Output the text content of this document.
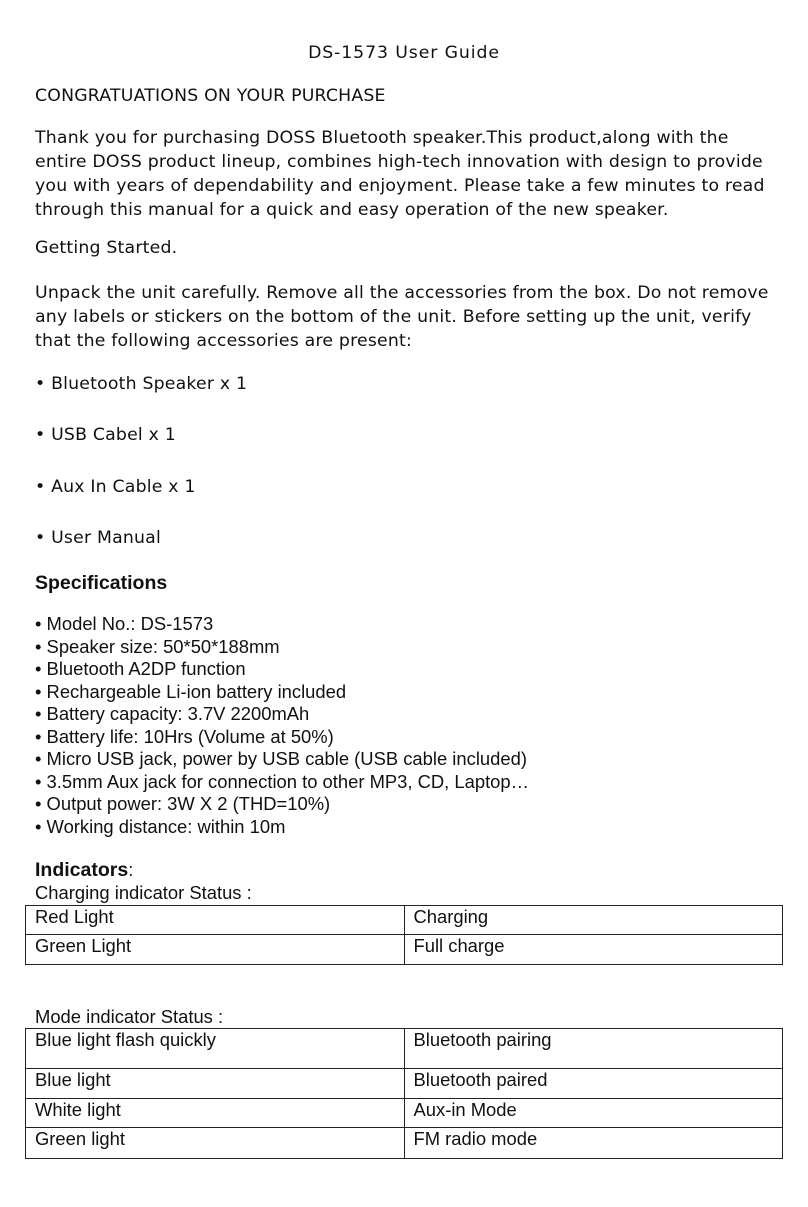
DS-1573 User Guide
CONGRATUATIONS ON YOUR PURCHASE

Thank you for purchasing DOSS Bluetooth speaker.This product,along with the entire DOSS product lineup, combines high-tech innovation with design to provide you with years of dependability and enjoyment. Please take a few minutes to read through this manual for a quick and easy operation of the new speaker.

Getting Started.

Unpack the unit carefully. Remove all the accessories from the box. Do not remove any labels or stickers on the bottom of the unit. Before setting up the unit, verify that the following accessories are present:

• Bluetooth Speaker x 1
• USB Cabel x 1
• Aux In Cable x 1
• User Manual
Specifications
• Model No.: DS-1573
• Speaker size: 50*50*188mm
• Bluetooth A2DP function
• Rechargeable Li-ion battery included
• Battery capacity: 3.7V 2200mAh
• Battery life: 10Hrs (Volume at 50%)
• Micro USB jack, power by USB cable (USB cable included)
• 3.5mm Aux jack for connection to other MP3, CD, Laptop…
• Output power: 3W X 2 (THD=10%)
• Working distance: within 10m
Indicators:
Charging indicator Status :
Red Light	Charging
Green Light	Full charge
Mode indicator Status :
Blue light flash quickly	Bluetooth pairing
Blue light	Bluetooth paired
White light	Aux-in Mode
Green light	FM radio mode
